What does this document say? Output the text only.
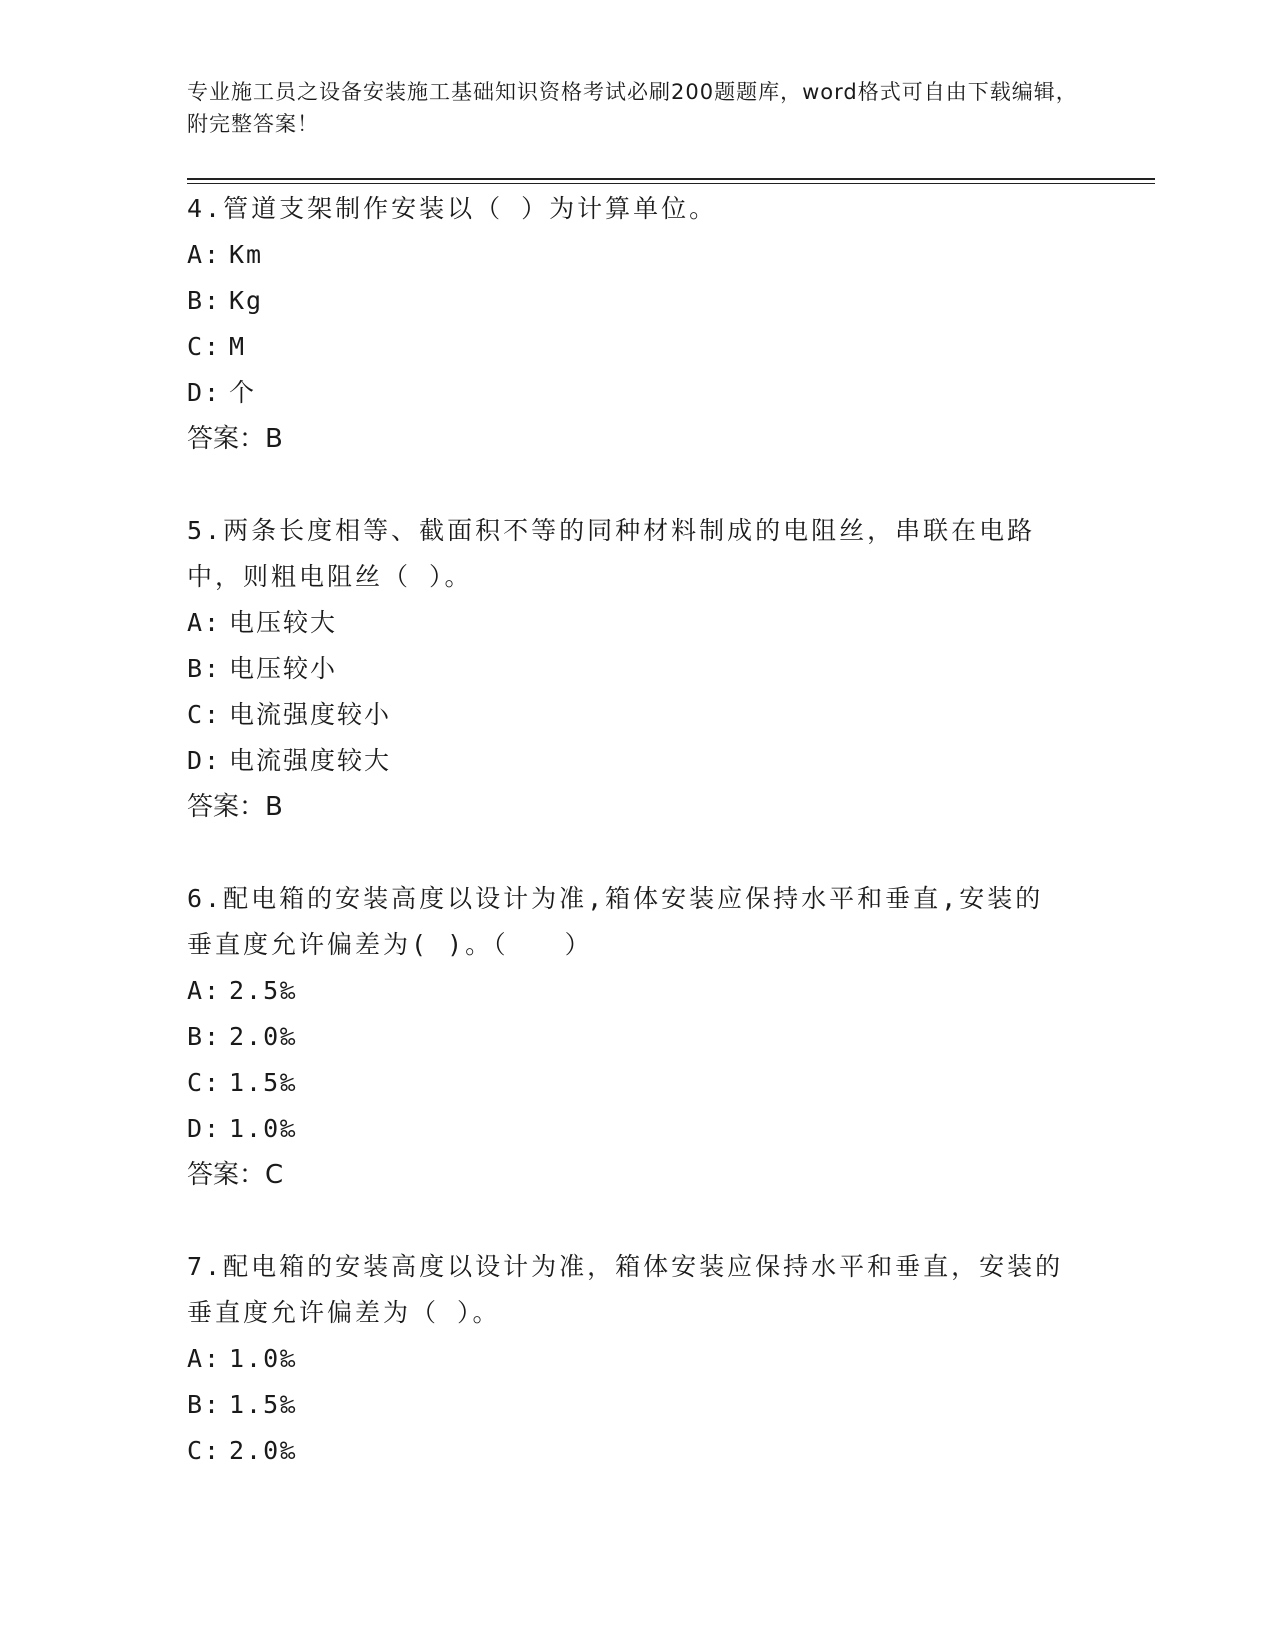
专业施工员之设备安装施工基础知识资格考试必刷200题题库，word格式可自由下载编辑，附完整答案！
4.管道支架制作安装以（ ）为计算单位。
A: Km
B: Kg
C: M
D: 个
答案：B
5.两条长度相等、截面积不等的同种材料制成的电阻丝，串联在电路中，则粗电阻丝（ ）。
A: 电压较大
B: 电压较小
C: 电流强度较小
D: 电流强度较大
答案：B
6.配电箱的安装高度以设计为准,箱体安装应保持水平和垂直,安装的垂直度允许偏差为( )。（　　）
A: 2.5‰
B: 2.0‰
C: 1.5‰
D: 1.0‰
答案：C
7.配电箱的安装高度以设计为准，箱体安装应保持水平和垂直，安装的垂直度允许偏差为（ ）。
A: 1.0‰
B: 1.5‰
C: 2.0‰
